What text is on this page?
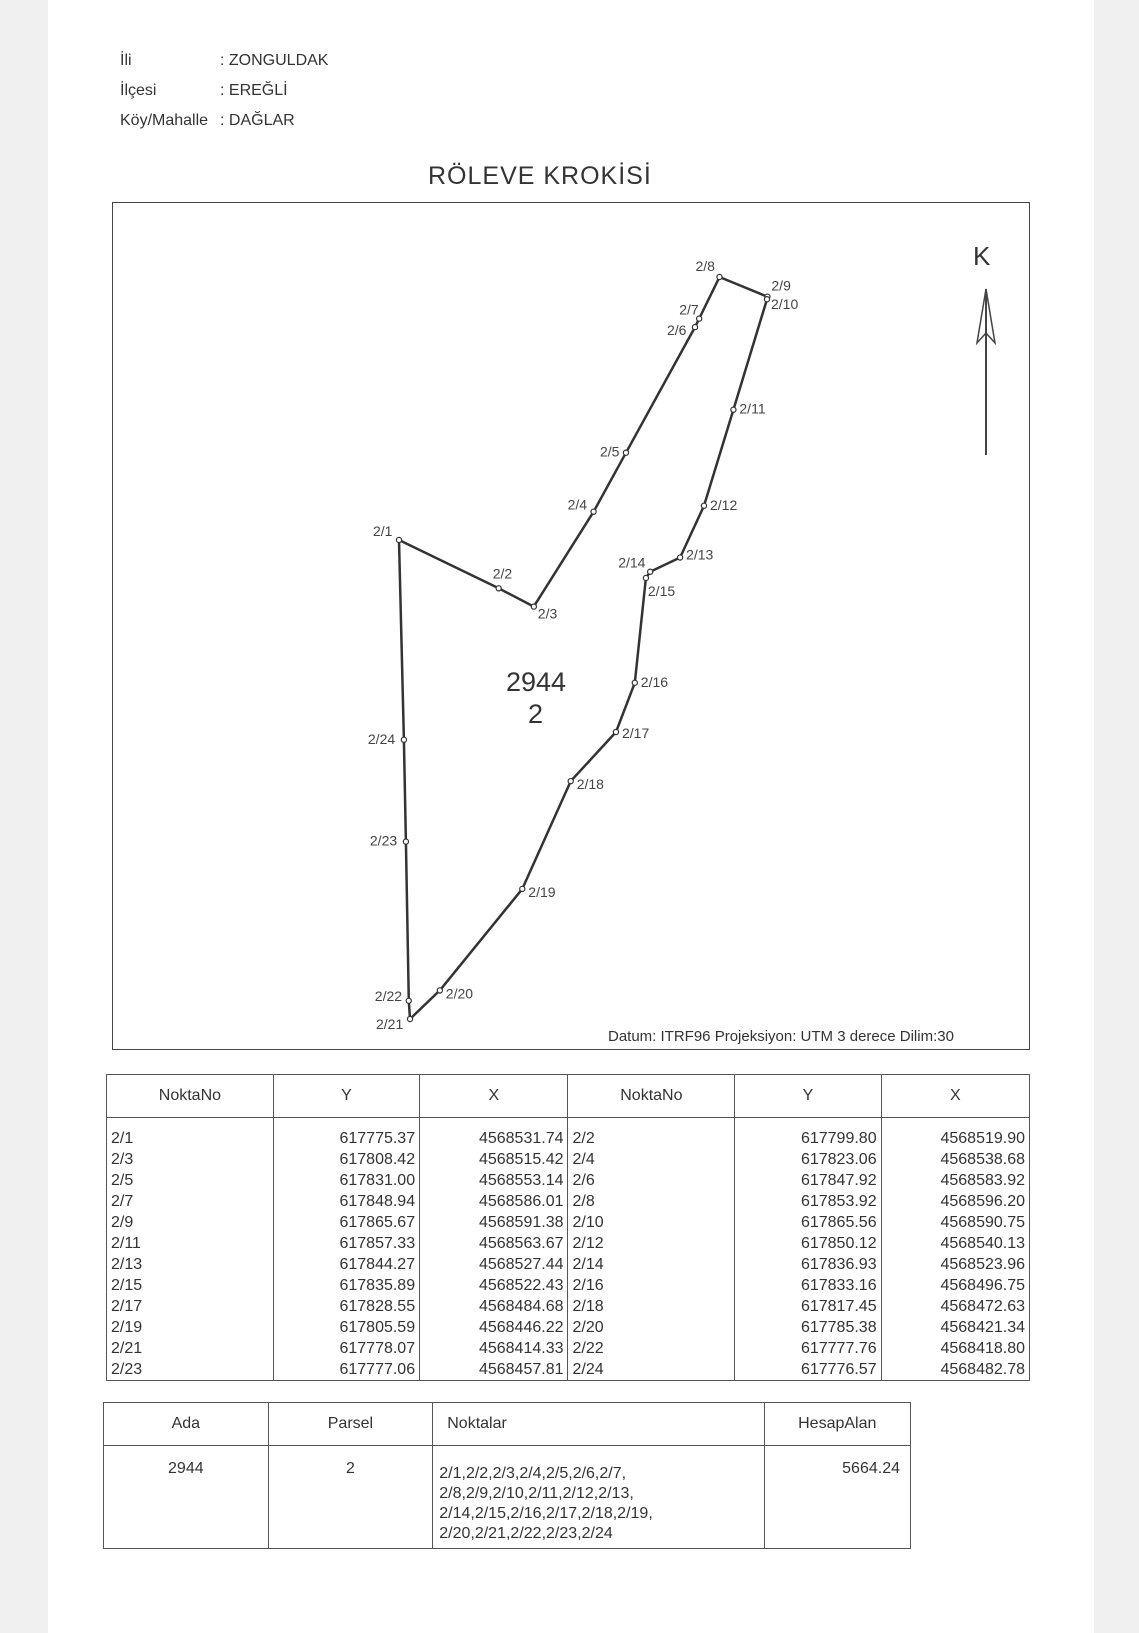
İli	: ZONGULDAK
İlçesi	: EREĞLİ
Köy/Mahalle : DAĞLAR
RÖLEVE KROKİSİ
K
2944
2
2/1
2/2
2/3
2/4
2/5
2/6
2/7
2/8
2/9
2/10
2/11
2/12
2/13
2/14
2/15
2/16
2/17
2/18
2/19
2/20
2/21
2/22
2/23
2/24
Datum: ITRF96 Projeksiyon: UTM 3 derece Dilim:30
NoktaNo	Y	X	NoktaNo	Y	X
2/1	617775.37	4568531.74	2/2	617799.80	4568519.90
2/3	617808.42	4568515.42	2/4	617823.06	4568538.68
2/5	617831.00	4568553.14	2/6	617847.92	4568583.92
2/7	617848.94	4568586.01	2/8	617853.92	4568596.20
2/9	617865.67	4568591.38	2/10	617865.56	4568590.75
2/11	617857.33	4568563.67	2/12	617850.12	4568540.13
2/13	617844.27	4568527.44	2/14	617836.93	4568523.96
2/15	617835.89	4568522.43	2/16	617833.16	4568496.75
2/17	617828.55	4568484.68	2/18	617817.45	4568472.63
2/19	617805.59	4568446.22	2/20	617785.38	4568421.34
2/21	617778.07	4568414.33	2/22	617777.76	4568418.80
2/23	617777.06	4568457.81	2/24	617776.57	4568482.78
Ada	Parsel	Noktalar	HesapAlan
2944	2	2/1,2/2,2/3,2/4,2/5,2/6,2/7,
2/8,2/9,2/10,2/11,2/12,2/13,
2/14,2/15,2/16,2/17,2/18,2/19,
2/20,2/21,2/22,2/23,2/24	5664.24
